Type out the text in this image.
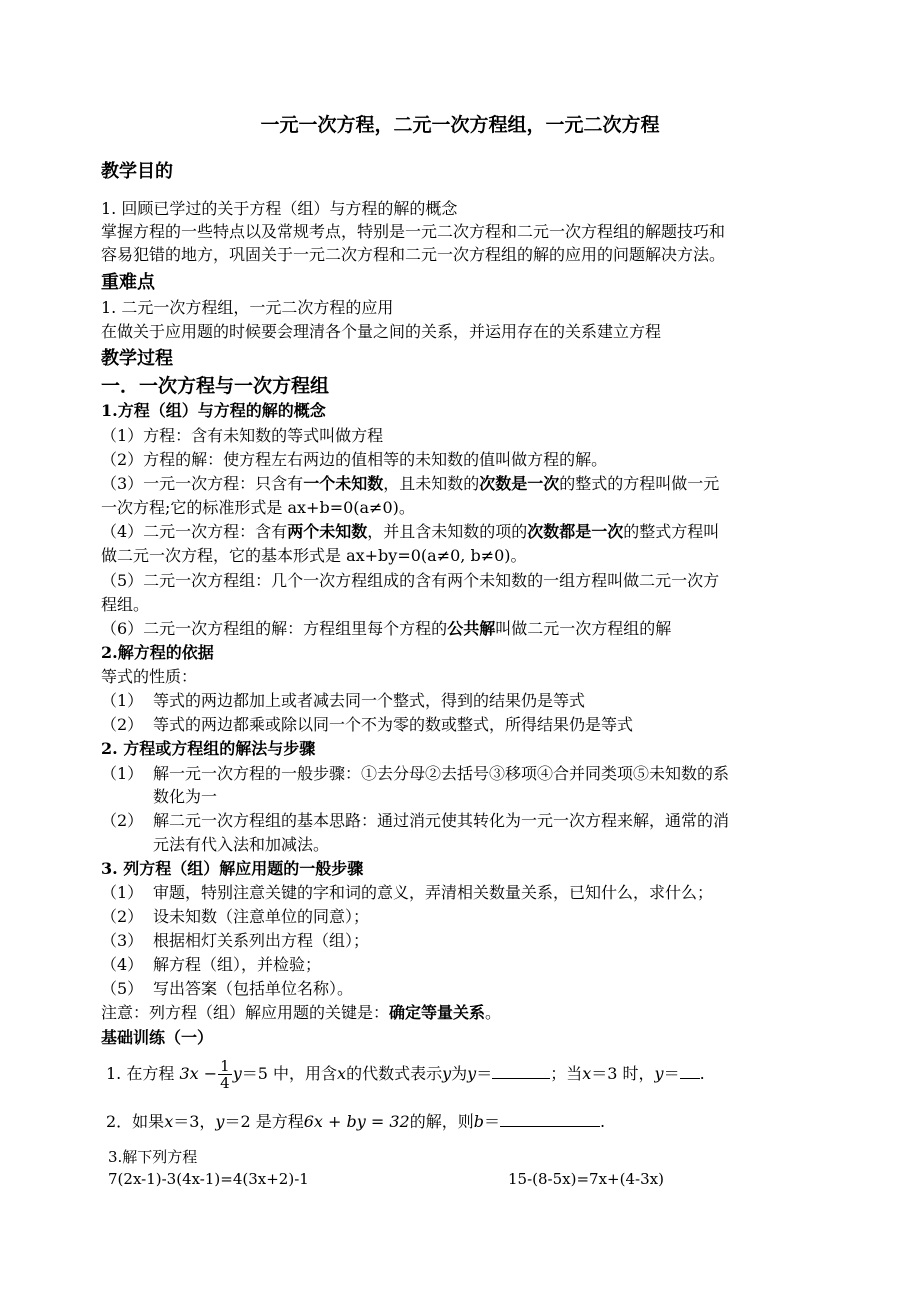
一元一次方程，二元一次方程组，一元二次方程
教学目的
1. 回顾已学过的关于方程（组）与方程的解的概念
掌握方程的一些特点以及常规考点，特别是一元二次方程和二元一次方程组的解题技巧和
容易犯错的地方，巩固关于一元二次方程和二元一次方程组的解的应用的问题解决方法。
重难点
1. 二元一次方程组，一元二次方程的应用
在做关于应用题的时候要会理清各个量之间的关系，并运用存在的关系建立方程
教学过程
一．一次方程与一次方程组
1.方程（组）与方程的解的概念
（1）方程：含有未知数的等式叫做方程
（2）方程的解：使方程左右两边的值相等的未知数的值叫做方程的解。
（3）一元一次方程：只含有一个未知数，且未知数的次数是一次的整式的方程叫做一元
一次方程;它的标准形式是 ax+b=0(a≠0)。
（4）二元一次方程：含有两个未知数，并且含未知数的项的次数都是一次的整式方程叫
做二元一次方程，它的基本形式是 ax+by=0(a≠0, b≠0)。
（5）二元一次方程组：几个一次方程组成的含有两个未知数的一组方程叫做二元一次方
程组。
（6）二元一次方程组的解：方程组里每个方程的公共解叫做二元一次方程组的解
2.解方程的依据
等式的性质：
（1） 等式的两边都加上或者减去同一个整式，得到的结果仍是等式
（2） 等式的两边都乘或除以同一个不为零的数或整式，所得结果仍是等式
2. 方程或方程组的解法与步骤
（1） 解一元一次方程的一般步骤：①去分母②去括号③移项④合并同类项⑤未知数的系
数化为一
（2） 解二元一次方程组的基本思路：通过消元使其转化为一元一次方程来解，通常的消
元法有代入法和加减法。
3. 列方程（组）解应用题的一般步骤
（1） 审题，特别注意关键的字和词的意义，弄清相关数量关系，已知什么，求什么；
（2） 设未知数（注意单位的同意）；
（3） 根据相灯关系列出方程（组）；
（4） 解方程（组），并检验；
（5） 写出答案（包括单位名称）。
注意：列方程（组）解应用题的关键是：确定等量关系。
基础训练（一）
1. 在方程 $3x - \frac{1}{4} y=5$ 中，用含x的代数式表示y为y＝	；当x＝3 时，y＝ .
2．如果x＝3，y＝2 是方程6x + by = 32的解，则b＝	.
3.解下列方程
7(2x-1)-3(4x-1)=4(3x+2)-1	15-(8-5x)=7x+(4-3x)
